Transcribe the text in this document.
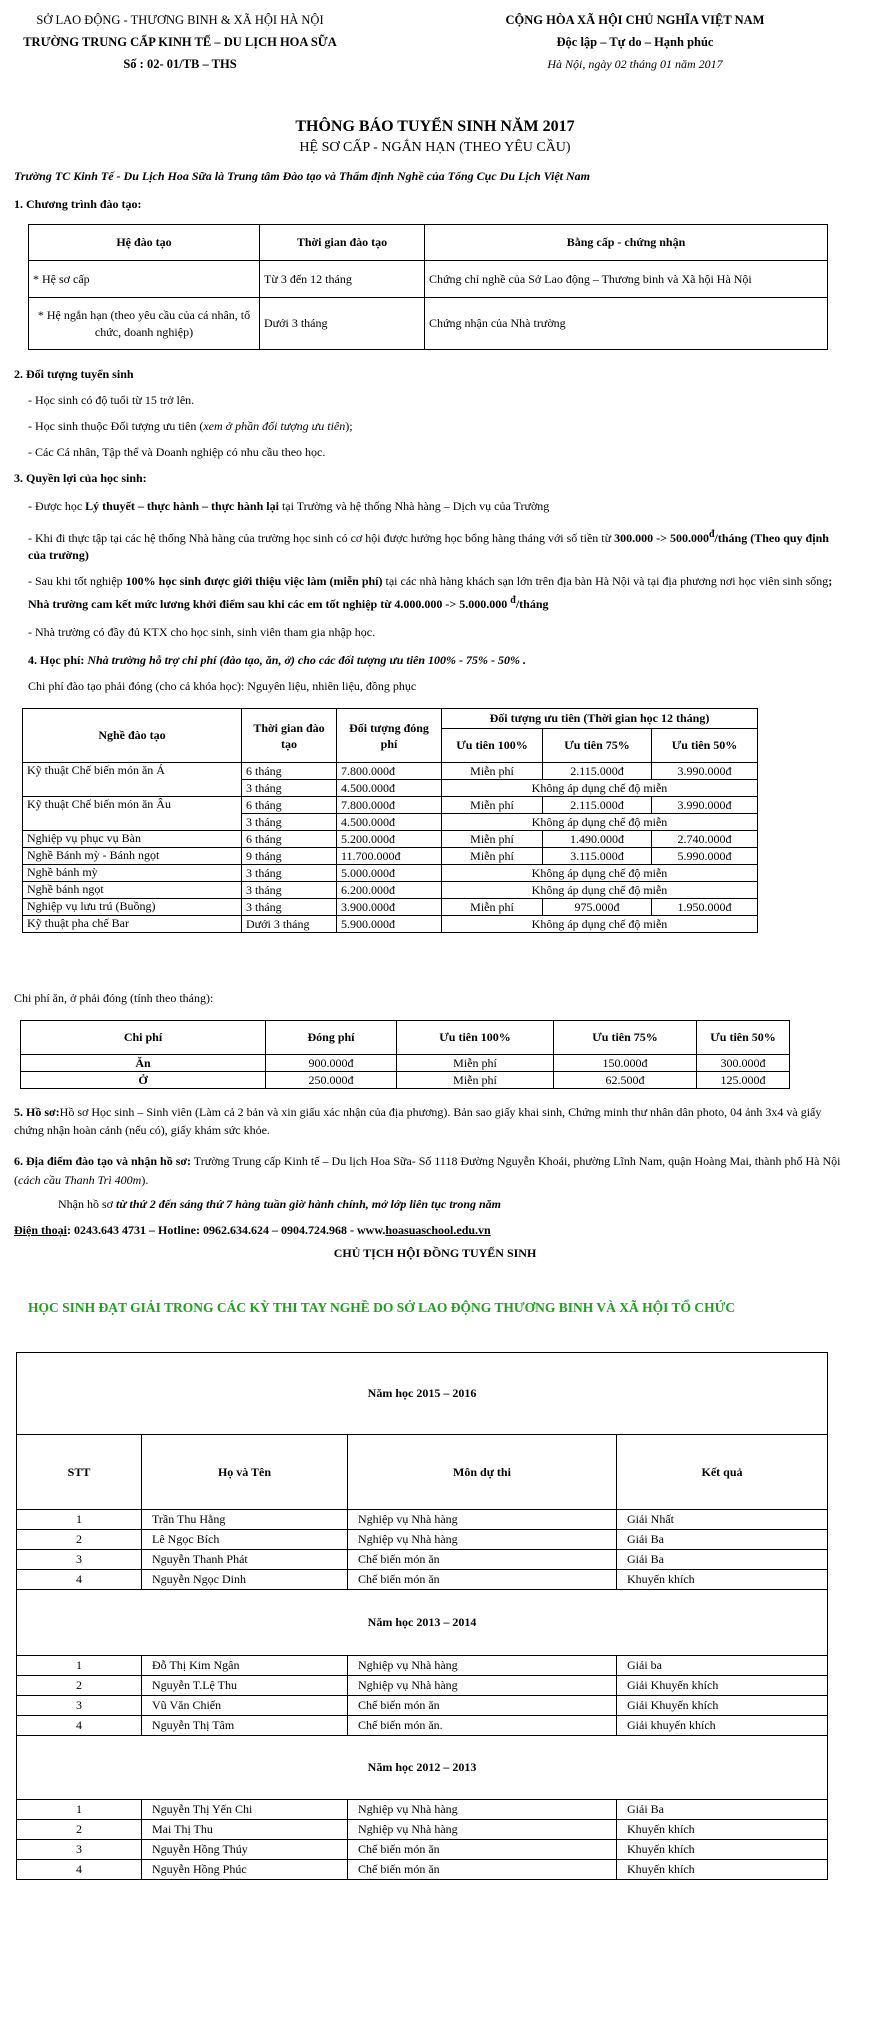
SỞ LAO ĐỘNG - THƯƠNG BINH & XÃ HỘI HÀ NỘI
TRƯỜNG TRUNG CẤP KINH TẾ – DU LỊCH HOA SỮA
Số : 02- 01/TB – THS
CỘNG HÒA XÃ HỘI CHỦ NGHĨA VIỆT NAM
Độc lập – Tự do – Hạnh phúc
Hà Nội, ngày 02 tháng 01 năm 2017
THÔNG BÁO TUYỂN SINH NĂM 2017
HỆ SƠ CẤP - NGẮN HẠN (THEO YÊU CẦU)
Trường TC Kinh Tế - Du Lịch Hoa Sữa là Trung tâm Đào tạo và Thẩm định Nghề của Tổng Cục Du Lịch Việt Nam
1. Chương trình đào tạo:
Hệ đào tạo	Thời gian đào tạo	Bằng cấp - chứng nhận
* Hệ sơ cấp	Từ 3 đến 12 tháng	Chứng chỉ nghề của Sở Lao động – Thương binh và Xã hội Hà Nội
* Hệ ngắn hạn (theo yêu cầu của cá nhân, tổ chức, doanh nghiệp)	Dưới 3 tháng	Chứng nhận của Nhà trường
2. Đối tượng tuyển sinh
- Học sinh có độ tuổi từ 15 trở lên.
- Học sinh thuộc Đối tượng ưu tiên (xem ở phần đối tượng ưu tiên);
- Các Cá nhân, Tập thể và Doanh nghiệp có nhu cầu theo học.
3. Quyền lợi của học sinh:
- Được học Lý thuyết – thực hành – thực hành lại tại Trường và hệ thống Nhà hàng – Dịch vụ của Trường
- Khi đi thực tập tại các hệ thống Nhà hàng của trường học sinh có cơ hội được hưởng học bổng hàng tháng với số tiền từ $300.000 -> 500.000^đ$/tháng (Theo quy định của trường)
- Sau khi tốt nghiệp 100% học sinh được giới thiệu việc làm (miễn phí) tại các nhà hàng khách sạn lớn trên địa bàn Hà Nội và tại địa phương nơi học viên sinh sống; Nhà trường cam kết mức lương khởi điểm sau khi các em tốt nghiệp từ 4.000.000 -> 5.000.000 $^đ$/tháng
- Nhà trường có đầy đủ KTX cho học sinh, sinh viên tham gia nhập học.
4. Học phí: Nhà trường hỗ trợ chi phí (đào tạo, ăn, ở) cho các đối tượng ưu tiên 100% - 75% - 50% .
Chi phí đào tạo phải đóng (cho cả khóa học): Nguyên liệu, nhiên liệu, đồng phục
Nghề đào tạo	Thời gian đào tạo	Đối tượng đóng phí	Đối tượng ưu tiên (Thời gian học 12 tháng)		
			Ưu tiên 100%	Ưu tiên 75%	Ưu tiên 50%
Kỹ thuật Chế biến món ăn Á	6 tháng	7.800.000đ	Miễn phí	2.115.000đ	3.990.000đ
	3 tháng	4.500.000đ	Không áp dụng chế độ miễn		
Kỹ thuật Chế biến món ăn Âu	6 tháng	7.800.000đ	Miễn phí	2.115.000đ	3.990.000đ
	3 tháng	4.500.000đ	Không áp dụng chế độ miễn		
Nghiệp vụ phục vụ Bàn	6 tháng	5.200.000đ	Miễn phí	1.490.000đ	2.740.000đ
Nghề Bánh mỳ - Bánh ngọt	9 tháng	11.700.000đ	Miễn phí	3.115.000đ	5.990.000đ
Nghề bánh mỳ	3 tháng	5.000.000đ	Không áp dụng chế độ miễn		
Nghề bánh ngọt	3 tháng	6.200.000đ	Không áp dụng chế độ miễn		
Nghiệp vụ lưu trú (Buồng)	3 tháng	3.900.000đ	Miễn phí	975.000đ	1.950.000đ
Kỹ thuật pha chế Bar	Dưới 3 tháng	5.900.000đ	Không áp dụng chế độ miễn		
Chi phí ăn, ở phải đóng (tính theo tháng):
Chi phí	Đóng phí	Ưu tiên 100%	Ưu tiên 75%	Ưu tiên 50%
Ăn	900.000đ	Miễn phí	150.000đ	300.000đ
Ở	250.000đ	Miễn phí	62.500đ	125.000đ
5. Hồ sơ:Hồ sơ Học sinh – Sinh viên (Làm cả 2 bản và xin giấu xác nhận của địa phương). Bản sao giấy khai sinh, Chứng minh thư nhân dân photo, 04 ảnh 3x4 và giấy chứng nhận hoàn cảnh (nếu có), giấy khám sức khỏe.
6. Địa điểm đào tạo và nhận hồ sơ: Trường Trung cấp Kinh tế – Du lịch Hoa Sữa- Số 1118 Đường Nguyễn Khoái, phường Lĩnh Nam, quận Hoàng Mai, thành phố Hà Nội (cách cầu Thanh Trì 400m).
Nhận hồ sơ từ thứ 2 đến sáng thứ 7 hàng tuần giờ hành chính, mở lớp liên tục trong năm
Điện thoại: 0243.643 4731 – Hotline: 0962.634.624 – 0904.724.968 - www.hoasuaschool.edu.vn
CHỦ TỊCH HỘI ĐỒNG TUYỂN SINH
HỌC SINH ĐẠT GIẢI TRONG CÁC KỲ THI TAY NGHỀ DO SỞ LAO ĐỘNG THƯƠNG BINH VÀ XÃ HỘI TỔ CHỨC
Năm học 2015 – 2016			
STT	Họ và Tên	Môn dự thi	Kết quả
1	Trần Thu Hằng	Nghiệp vụ Nhà hàng	Giải Nhất
2	Lê Ngọc Bích	Nghiệp vụ Nhà hàng	Giải Ba
3	Nguyễn Thanh Phát	Chế biến món ăn	Giải Ba
4	Nguyễn Ngọc Dinh	Chế biến món ăn	Khuyến khích
Năm học 2013 – 2014			
1	Đỗ Thị Kim Ngân	Nghiệp vụ Nhà hàng	Giải ba
2	Nguyễn T.Lệ Thu	Nghiệp vụ Nhà hàng	Giải Khuyến khích
3	Vũ Văn Chiến	Chế biến món ăn	Giải Khuyến khích
4	Nguyễn Thị Tâm	Chế biến món ăn.	Giải khuyến khích
Năm học 2012 – 2013			
1	Nguyễn Thị Yến Chi	Nghiệp vụ Nhà hàng	Giải Ba
2	Mai Thị Thu	Nghiệp vụ Nhà hàng	Khuyến khích
3	Nguyễn Hồng Thúy	Chế biến món ăn	Khuyến khích
4	Nguyễn Hồng Phúc	Chế biến món ăn	Khuyến khích
